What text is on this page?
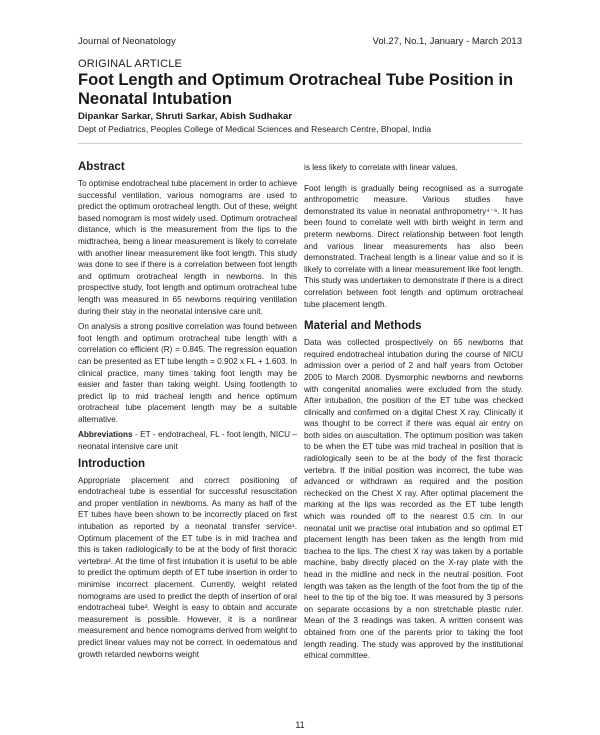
Journal of Neonatology	Vol.27, No.1, January - March 2013
ORIGINAL ARTICLE
Foot Length and Optimum Orotracheal Tube Position in Neonatal Intubation
Dipankar Sarkar, Shruti Sarkar, Abish Sudhakar
Dept of Pediatrics, Peoples College of Medical Sciences and Research Centre, Bhopal, India
Abstract

To optimise endotracheal tube placement in order to achieve successful ventilation, various nomograms are used to predict the optimum orotracheal length. Out of these, weight based nomogram is most widely used. Optimum orotracheal distance, which is the measurement from the lips to the midtrachea, being a linear measurement is likely to correlate with another linear measurement like foot length. This study was done to see if there is a correlation between foot length and optimum orotracheal length in newborns. In this prospective study, foot length and optimum orotracheal tube length was measured in 65 newborns requiring ventilation during their stay in the neonatal intensive care unit.

On analysis a strong positive correlation was found between foot length and optimum orotracheal tube length with a correlation co efficient (R) = 0.845. The regression equation can be presented as ET tube length = 0.902 x FL + 1.603. In clinical practice, many times taking foot length may be easier and faster than taking weight. Using footlength to predict lip to mid tracheal length and hence optimum orotracheal tube placement length may be a suitable alternative.

Abbreviations - ET - endotracheal, FL - foot length, NICU – neonatal intensive care unit

Introduction

Appropriate placement and correct positioning of endotracheal tube is essential for successful resuscitation and proper ventilation in newborns. As many as half of the ET tubes have been shown to be incorrectly placed on first intubation as reported by a neonatal transfer service¹. Optimum placement of the ET tube is in mid trachea and this is taken radiologically to be at the body of first thoracic vertebra². At the time of first intubation it is useful to be able to predict the optimum depth of ET tube insertion in order to minimise incorrect placement. Currently, weight related nomograms are used to predict the depth of insertion of oral endotracheal tube³. Weight is easy to obtain and accurate measurement is possible. However, it is a nonlinear measurement and hence nomograms derived from weight to predict linear values may not be correct. In oedematous and growth retarded newborns weight

is less likely to correlate with linear values.

Foot length is gradually being recognised as a surrogate anthropometric measure. Various studies have demonstrated its value in neonatal anthropometry⁴⁻⁶. It has been found to correlate well with birth weight in term and preterm newborns. Direct relationship between foot length and various linear measurements has also been demonstrated. Tracheal length is a linear value and so it is likely to correlate with a linear measurement like foot length. This study was undertaken to demonstrate if there is a direct correlation between foot length and optimum orotracheal tube placement length.

Material and Methods

Data was collected prospectively on 65 newborns that required endotracheal intubation during the course of NICU admission over a period of 2 and half years from October 2005 to March 2008. Dysmorphic newborns and newborns with congenital anomalies were excluded from the study. After intubation, the position of the ET tube was checked clinically and confirmed on a digital Chest X ray. Clinically it was thought to be correct if there was equal air entry on both sides on auscultation. The optimum position was taken to be when the ET tube was mid tracheal in position that is radiologically seen to be at the body of the first thoracic vertebra. If the initial position was incorrect, the tube was advanced or withdrawn as required and the position rechecked on the Chest X ray. After optimal placement the marking at the lips was recorded as the ET tube length which was rounded off to the nearest 0.5 cm. In our neonatal unit we practise oral intubation and so optimal ET placement length has been taken as the length from mid trachea to the lips. The chest X ray was taken by a portable machine, baby directly placed on the X-ray plate with the head in the midline and neck in the neutral position. Foot length was taken as the length of the foot from the tip of the heel to the tip of the big toe. It was measured by 3 persons on separate occasions by a non stretchable plastic ruler. Mean of the 3 readings was taken. A written consent was obtained from one of the parents prior to taking the foot length reading. The study was approved by the institutional ethical committee.

11
